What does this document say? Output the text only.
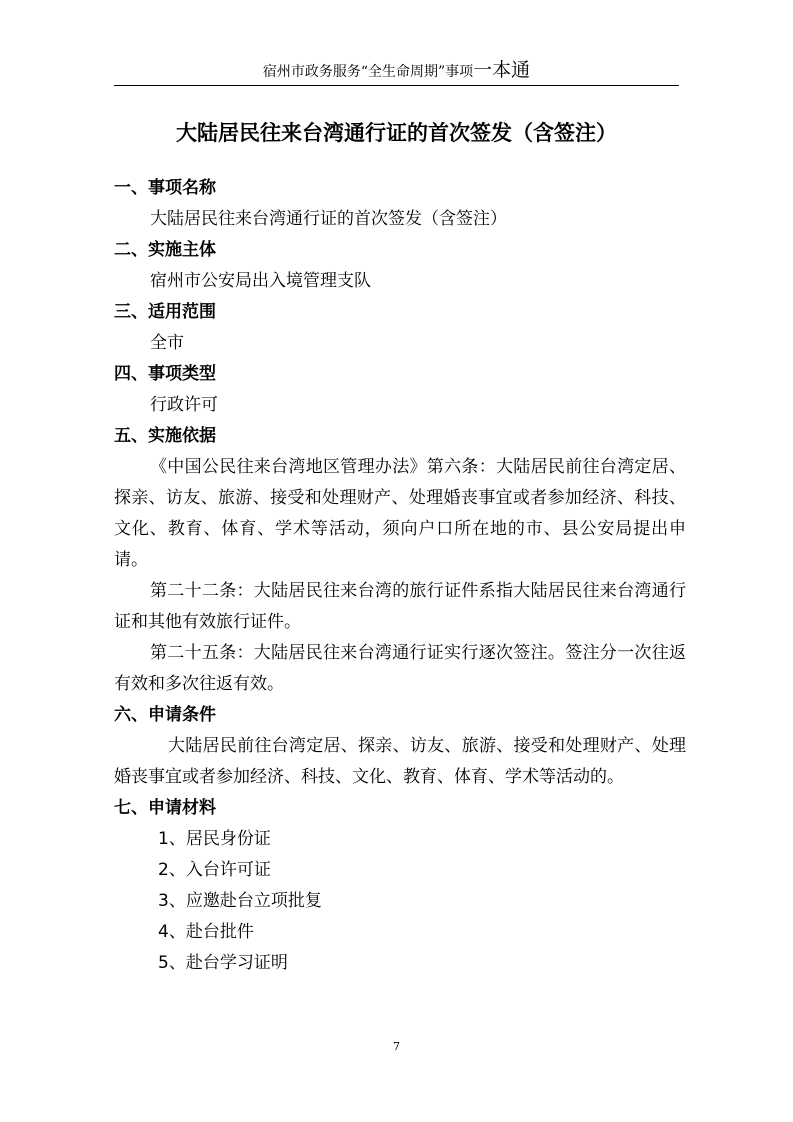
宿州市政务服务“全生命周期”事项一本通
大陆居民往来台湾通行证的首次签发（含签注）

一、事项名称

大陆居民往来台湾通行证的首次签发（含签注）

二、实施主体

宿州市公安局出入境管理支队

三、适用范围

全市

四、事项类型

行政许可

五、实施依据

《中国公民往来台湾地区管理办法》第六条：大陆居民前往台湾定居、探亲、访友、旅游、接受和处理财产、处理婚丧事宜或者参加经济、科技、文化、教育、体育、学术等活动，须向户口所在地的市、县公安局提出申请。

第二十二条：大陆居民往来台湾的旅行证件系指大陆居民往来台湾通行证和其他有效旅行证件。

第二十五条：大陆居民往来台湾通行证实行逐次签注。签注分一次往返有效和多次往返有效。

六、申请条件

大陆居民前往台湾定居、探亲、访友、旅游、接受和处理财产、处理婚丧事宜或者参加经济、科技、文化、教育、体育、学术等活动的。

七、申请材料

1、居民身份证

2、入台许可证

3、应邀赴台立项批复

4、赴台批件

5、赴台学习证明

7
